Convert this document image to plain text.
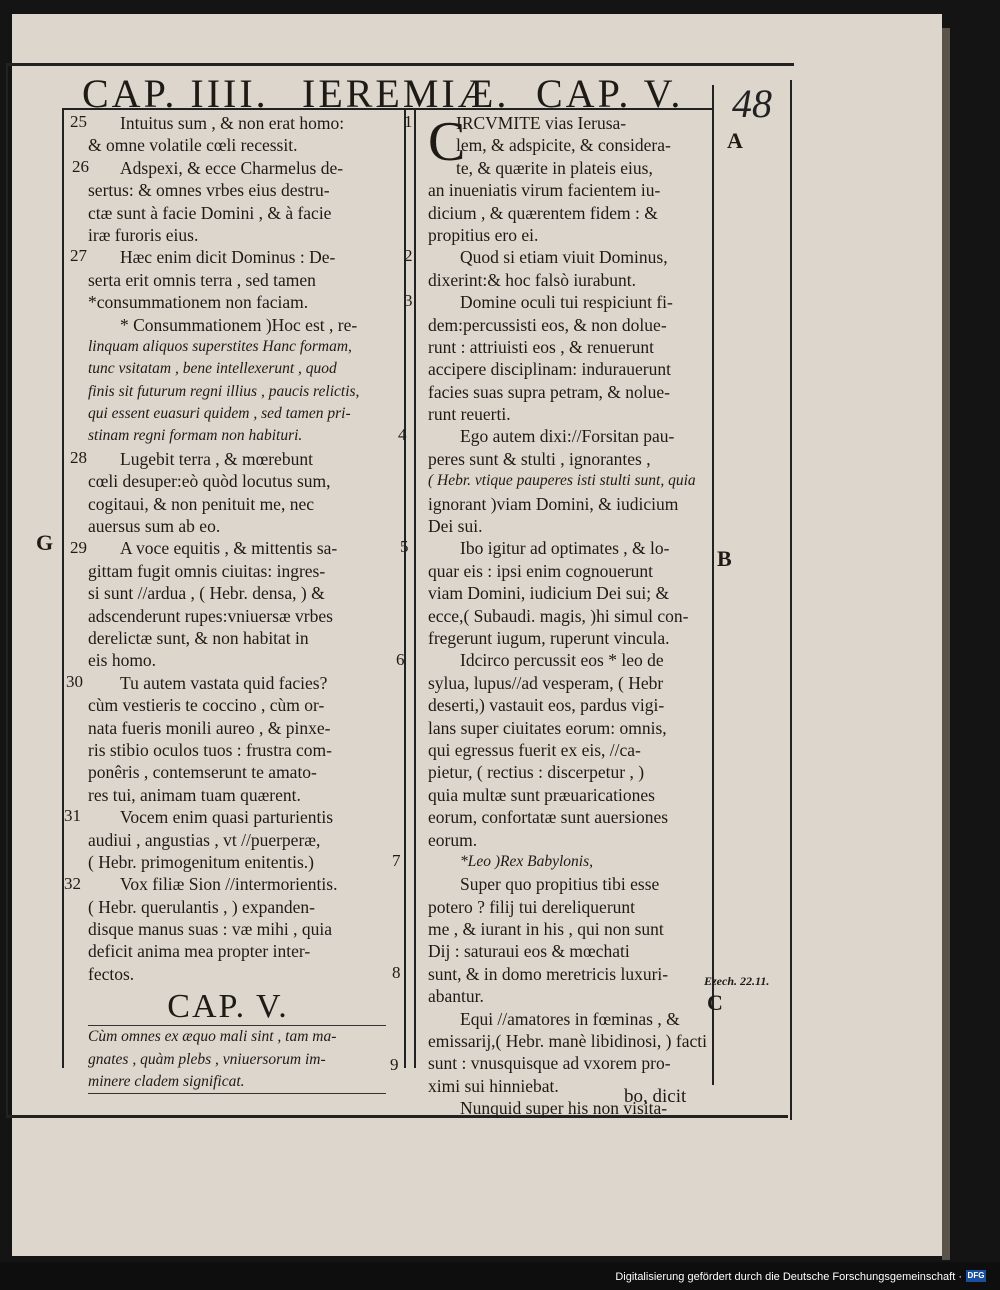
CAP. IIII. IEREMIÆ. CAP. V. 48
25
26
27
28
29
30
31
32
Intuitus sum , & non erat homo:
& omne volatile cœli recessit.
Adspexi, & ecce Charmelus de-
sertus: & omnes vrbes eius destru-
ctæ sunt à facie Domini , & à facie
iræ furoris eius.
Hæc enim dicit Dominus : De-
serta erit omnis terra , sed tamen
*consummationem non faciam.
* Consummationem )Hoc est , re-
linquam aliquos superstites Hanc formam,
tunc vsitatam , bene intellexerunt , quod
finis sit futurum regni illius , paucis relictis,
qui essent euasuri quidem , sed tamen pri-
stinam regni formam non habituri.
Lugebit terra , & mœrebunt
cœli desuper:eò quòd locutus sum,
cogitaui, & non penituit me, nec
auersus sum ab eo.
A voce equitis , & mittentis sa-
gittam fugit omnis ciuitas: ingres-
si sunt //ardua , ( Hebr. densa, ) &
adscenderunt rupes:vniuersæ vrbes
derelictæ sunt, & non habitat in
eis homo.
Tu autem vastata quid facies?
cùm vestieris te coccino , cùm or-
nata fueris monili aureo , & pinxe-
ris stibio oculos tuos : frustra com-
ponêris , contemserunt te amato-
res tui, animam tuam quærent.
Vocem enim quasi parturientis
audiui , angustias , vt //puerperæ,
( Hebr. primogenitum enitentis.)
Vox filiæ Sion //intermorientis.
( Hebr. querulantis , ) expanden-
disque manus suas : væ mihi , quia
deficit anima mea propter inter-
fectos.
CAP. V.
Cùm omnes ex æquo mali sint , tam ma-
gnates , quàm plebs , vniuersorum im-
minere cladem significat.
1
2
3
4
5
6
7
8
9
C
IRCVMITE vias Ierusa-
lem, & adspicite, & considera-
te, & quærite in plateis eius,
an inueniatis virum facientem iu-
dicium , & quærentem fidem : &
propitius ero ei.
Quod si etiam viuit Dominus,
dixerint:& hoc falsò iurabunt.
Domine oculi tui respiciunt fi-
dem:percussisti eos, & non dolue-
runt : attriuisti eos , & renuerunt
accipere disciplinam: indurauerunt
facies suas supra petram, & nolue-
runt reuerti.
Ego autem dixi://Forsitan pau-
peres sunt & stulti , ignorantes ,
( Hebr. vtique pauperes isti stulti sunt, quia
ignorant )viam Domini, & iudicium
Dei sui.
Ibo igitur ad optimates , & lo-
quar eis : ipsi enim cognouerunt
viam Domini, iudicium Dei sui; &
ecce,( Subaudi. magis, )hi simul con-
fregerunt iugum, ruperunt vincula.
Idcirco percussit eos * leo de
sylua, lupus//ad vesperam, ( Hebr
deserti,) vastauit eos, pardus vigi-
lans super ciuitates eorum: omnis,
qui egressus fuerit ex eis, //ca-
pietur, ( rectius : discerpetur , )
quia multæ sunt præuaricationes
eorum, confortatæ sunt auersiones
eorum.
*Leo )Rex Babylonis,
Super quo propitius tibi esse
potero ? filij tui dereliquerunt
me , & iurant in his , qui non sunt
Dij : saturaui eos & mœchati
sunt, & in domo meretricis luxuri-
abantur.
Equi //amatores in fœminas , &
emissarij,( Hebr. manè libidinosi, ) facti
sunt : vnusquisque ad vxorem pro-
ximi sui hinniebat.
Nunquid super his non visita-
A
B
C
G
Ezech. 22.11.
bo, dicit
Digitalisierung gefördert durch die Deutsche Forschungsgemeinschaft · DFG
